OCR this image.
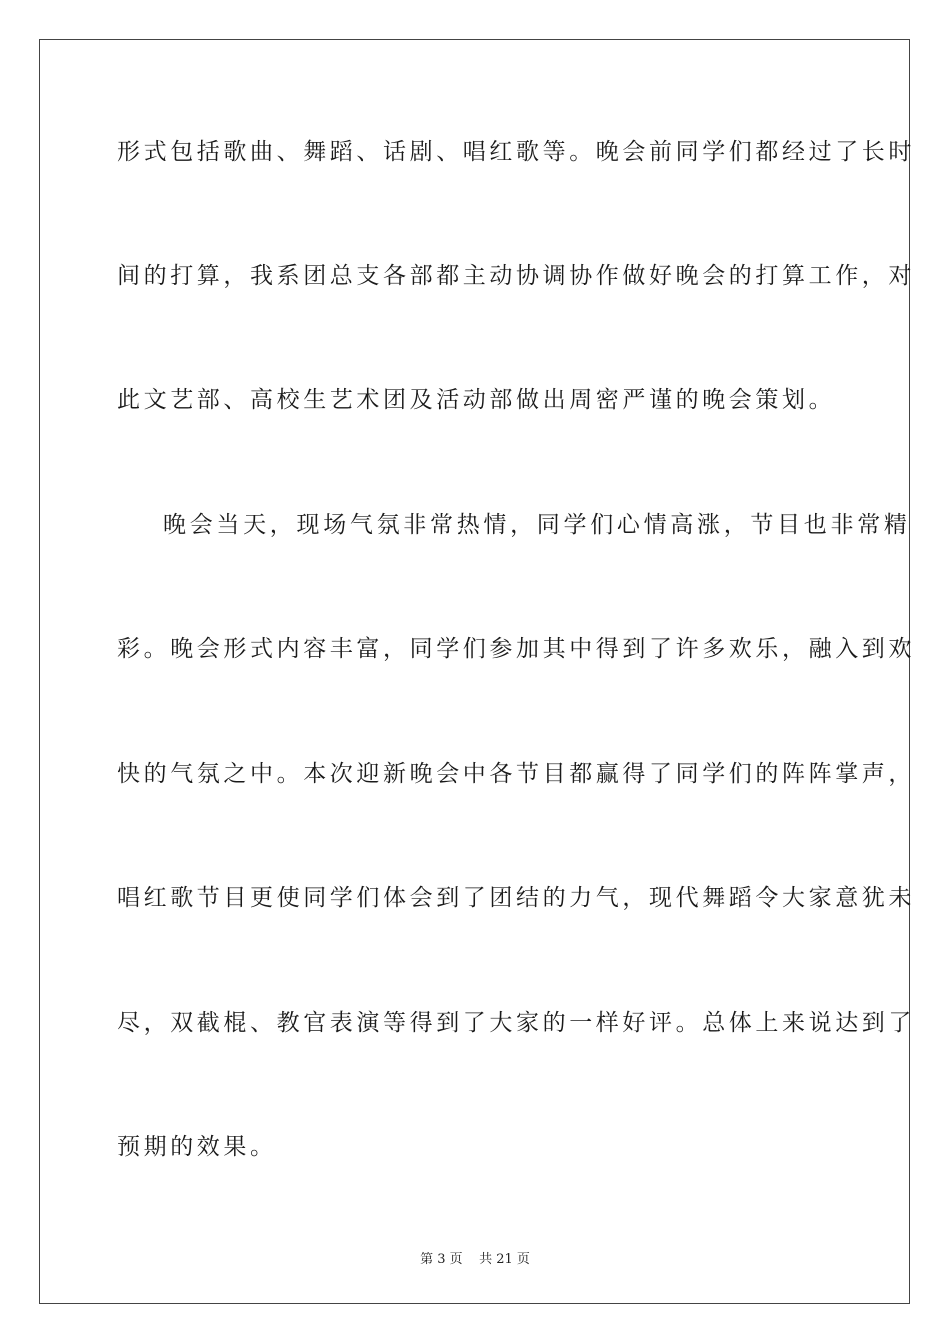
形式包括歌曲、舞蹈、话剧、唱红歌等。晚会前同学们都经过了长时
间的打算，我系团总支各部都主动协调协作做好晚会的打算工作，对
此文艺部、高校生艺术团及活动部做出周密严谨的晚会策划。
晚会当天，现场气氛非常热情，同学们心情高涨，节目也非常精
彩。晚会形式内容丰富，同学们参加其中得到了许多欢乐，融入到欢
快的气氛之中。本次迎新晚会中各节目都赢得了同学们的阵阵掌声，
唱红歌节目更使同学们体会到了团结的力气，现代舞蹈令大家意犹未
尽，双截棍、教官表演等得到了大家的一样好评。总体上来说达到了
预期的效果。
第 3 页    共 21 页
